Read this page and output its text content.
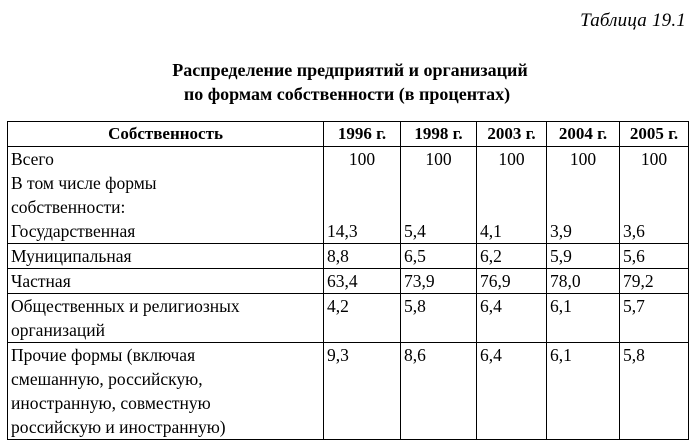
Таблица 19.1
Распределение предприятий и организаций
по формам собственности (в процентах)
Собственность	1996 г.	1998 г.	2003 г.	2004 г.	2005 г.
Всего	100	100	100	100	100
В том числе формы					
собственности:					
Государственная	14,3	5,4	4,1	3,9	3,6
Муниципальная	8,8	6,5	6,2	5,9	5,6
Частная	63,4	73,9	76,9	78,0	79,2

Общественных и религиозных
организаций	4,2	5,8	6,4	6,1	5,7

Прочие формы (включая
смешанную, российскую,
иностранную, совместную
российскую и иностранную)	9,3	8,6	6,4	6,1	5,8
